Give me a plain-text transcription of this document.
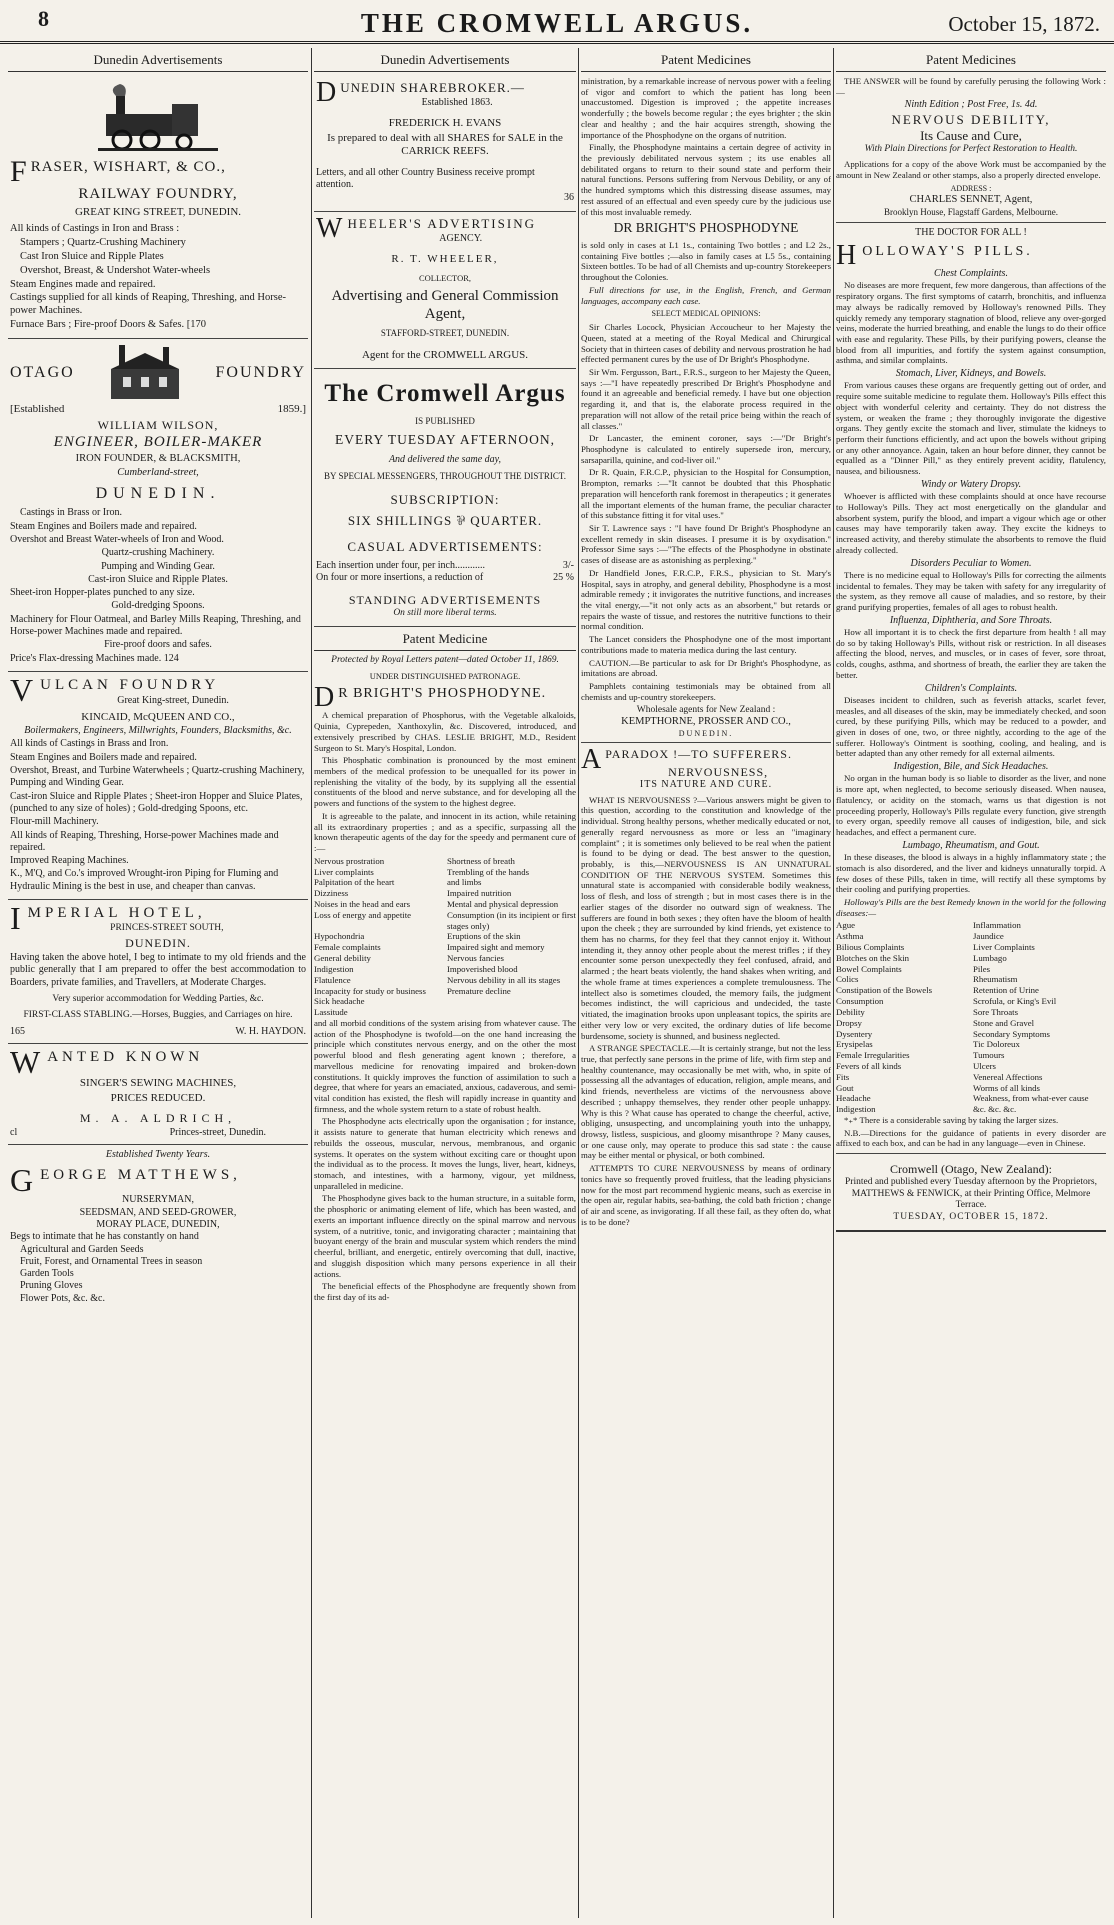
8	THE CROMWELL ARGUS.	October 15, 1872.
Dunedin Advertisements
F RASER, WISHART, & CO.,

RAILWAY FOUNDRY,

GREAT KING STREET, DUNEDIN.

All kinds of Castings in Iron and Brass :

Stampers ; Quartz-Crushing Machinery

Cast Iron Sluice and Ripple Plates

Overshot, Breast, & Undershot Water-wheels

Steam Engines made and repaired.

Castings supplied for all kinds of Reaping, Threshing, and Horse-power Machines.

Furnace Bars ; Fire-proof Doors & Safes. [170

OTAGO	FOUNDRY
[Established	1859.]

WILLIAM WILSON,

ENGINEER, BOILER-MAKER

IRON FOUNDER, & BLACKSMITH,

Cumberland-street,

DUNEDIN.

Castings in Brass or Iron.

Steam Engines and Boilers made and repaired.

Overshot and Breast Water-wheels of Iron and Wood.

Quartz-crushing Machinery.

Pumping and Winding Gear.

Cast-iron Sluice and Ripple Plates.

Sheet-iron Hopper-plates punched to any size.

Gold-dredging Spoons.

Machinery for Flour Oatmeal, and Barley Mills Reaping, Threshing, and Horse-power Machines made and repaired.

Fire-proof doors and safes.

Price's Flax-dressing Machines made. 124

V ULCAN FOUNDRY

Great King-street, Dunedin.

KINCAID, McQUEEN AND CO.,

Boilermakers, Engineers, Millwrights, Founders, Blacksmiths, &c.

All kinds of Castings in Brass and Iron.

Steam Engines and Boilers made and repaired.

Overshot, Breast, and Turbine Waterwheels ; Quartz-crushing Machinery, Pumping and Winding Gear.

Cast-iron Sluice and Ripple Plates ; Sheet-iron Hopper and Sluice Plates, (punched to any size of holes) ; Gold-dredging Spoons, etc.

Flour-mill Machinery.

All kinds of Reaping, Threshing, Horse-power Machines made and repaired.

Improved Reaping Machines.

K., M'Q, and Co.'s improved Wrought-iron Piping for Fluming and Hydraulic Mining is the best in use, and cheaper than canvas.

I MPERIAL HOTEL,

PRINCES-STREET SOUTH,

DUNEDIN.

Having taken the above hotel, I beg to intimate to my old friends and the public generally that I am prepared to offer the best accommodation to Boarders, private families, and Travellers, at Moderate Charges.

Very superior accommodation for Wedding Parties, &c.

FIRST-CLASS STABLING.—Horses, Buggies, and Carriages on hire.

165	W. H. HAYDON.
W ANTED KNOWN

SINGER'S SEWING MACHINES,

PRICES REDUCED.

M. A. ALDRICH,

cl	Princes-street, Dunedin.

Established Twenty Years.

G EORGE MATTHEWS,

NURSERYMAN,

SEEDSMAN, AND SEED-GROWER,

MORAY PLACE, DUNEDIN,

Begs to intimate that he has constantly on hand

Agricultural and Garden Seeds

Fruit, Forest, and Ornamental Trees in season

Garden Tools

Pruning Gloves

Flower Pots, &c. &c.

Dunedin Advertisements
D UNEDIN SHAREBROKER.—

Established 1863.

FREDERICK H. EVANS

Is prepared to deal with all SHARES for SALE in the CARRICK REEFS.

Letters, and all other Country Business receive prompt attention.

36

W HEELER'S ADVERTISING

AGENCY.

R. T. WHEELER,

COLLECTOR,

Advertising and General Commission Agent,

STAFFORD-STREET, DUNEDIN.

Agent for the CROMWELL ARGUS.

The Cromwell Argus

IS PUBLISHED

EVERY TUESDAY AFTERNOON,

And delivered the same day,

BY SPECIAL MESSENGERS, THROUGHOUT THE DISTRICT.

SUBSCRIPTION:

SIX SHILLINGS ⅌ QUARTER.

CASUAL ADVERTISEMENTS:

Each insertion under four, per inch............	3/-
On four or more insertions, a reduction of	25 %

STANDING ADVERTISEMENTS

On still more liberal terms.

Patent Medicine

Protected by Royal Letters patent—dated October 11, 1869.

UNDER DISTINGUISHED PATRONAGE.

D R BRIGHT'S PHOSPHODYNE.

A chemical preparation of Phosphorus, with the Vegetable alkaloids, Quinia, Cyprepeden, Xanthoxylin, &c. Discovered, introduced, and extensively prescribed by CHAS. LESLIE BRIGHT, M.D., Resident Surgeon to St. Mary's Hospital, London.

This Phosphatic combination is pronounced by the most eminent members of the medical profession to be unequalled for its power in replenishing the vitality of the body, by its supplying all the essential constituents of the blood and nerve substance, and for developing all the powers and functions of the system to the highest degree.

It is agreeable to the palate, and innocent in its action, while retaining all its extraordinary properties ; and as a specific, surpassing all the known therapeutic agents of the day for the speedy and permanent cure of :—

Nervous prostration	Shortness of breath
Liver complaints	Trembling of the hands
Palpitation of the heart	and limbs
Dizziness	Impaired nutrition
Noises in the head and ears	Mental and physical depression
Loss of energy and appetite	Consumption (in its incipient or first stages only)
Hypochondria	Eruptions of the skin
Female complaints	Impaired sight and memory
General debility	Nervous fancies
Indigestion	Impoverished blood
Flatulence	Nervous debility in all its stages
Incapacity for study or business	Premature decline
Sick headache
Lassitude

and all morbid conditions of the system arising from whatever cause. The action of the Phosphodyne is twofold—on the one hand increasing the principle which constitutes nervous energy, and on the other the most powerful blood and flesh generating agent known ; therefore, a marvellous medicine for renovating impaired and broken-down constitutions. It quickly improves the function of assimilation to such a degree, that where for years an emaciated, anxious, cadaverous, and semi-vital condition has existed, the flesh will rapidly increase in quantity and firmness, and the whole system return to a state of robust health.

The Phosphodyne acts electrically upon the organisation ; for instance, it assists nature to generate that human electricity which renews and rebuilds the osseous, muscular, nervous, membranous, and organic systems. It operates on the system without exciting care or thought upon the individual as to the process. It moves the lungs, liver, heart, kidneys, stomach, and intestines, with a harmony, vigour, yet mildness, unparalleled in medicine.

The Phosphodyne gives back to the human structure, in a suitable form, the phosphoric or animating element of life, which has been wasted, and exerts an important influence directly on the spinal marrow and nervous system, of a nutritive, tonic, and invigorating character ; maintaining that buoyant energy of the brain and muscular system which renders the mind cheerful, brilliant, and energetic, entirely overcoming that dull, inactive, and sluggish disposition which many persons experience in all their actions.

The beneficial effects of the Phosphodyne are frequently shown from the first day of its ad-

Patent Medicines

ministration, by a remarkable increase of nervous power with a feeling of vigor and comfort to which the patient has long been unaccustomed. Digestion is improved ; the appetite increases wonderfully ; the bowels become regular ; the eyes brighter ; the skin clear and healthy ; and the hair acquires strength, showing the importance of the Phosphodyne on the organs of nutrition.

Finally, the Phosphodyne maintains a certain degree of activity in the previously debilitated nervous system ; its use enables all debilitated organs to return to their sound state and perform their natural functions. Persons suffering from Nervous Debility, or any of the hundred symptoms which this distressing disease assumes, may rest assured of an effectual and even speedy cure by the judicious use of this most invaluable remedy.

DR BRIGHT'S PHOSPHODYNE

is sold only in cases at L1 1s., containing Two bottles ; and L2 2s., containing Five bottles ;—also in family cases at L5 5s., containing Sixteen bottles. To be had of all Chemists and up-country Storekeepers throughout the Colonies.

Full directions for use, in the English, French, and German languages, accompany each case.

SELECT MEDICAL OPINIONS:

Sir Charles Locock, Physician Accoucheur to her Majesty the Queen, stated at a meeting of the Royal Medical and Chirurgical Society that in thirteen cases of debility and nervous prostration he had effected permanent cures by the use of Dr Bright's Phosphodyne.

Sir Wm. Fergusson, Bart., F.R.S., surgeon to her Majesty the Queen, says :—"I have repeatedly prescribed Dr Bright's Phosphodyne and found it an agreeable and beneficial remedy. I have but one objection regarding it, and that is, the elaborate process required in the preparation will not allow of the retail price being within the reach of all classes."

Dr Lancaster, the eminent coroner, says :—"Dr Bright's Phosphodyne is calculated to entirely supersede iron, mercury, sarsaparilla, quinine, and cod-liver oil."

Dr R. Quain, F.R.C.P., physician to the Hospital for Consumption, Brompton, remarks :—"It cannot be doubted that this Phosphatic preparation will henceforth rank foremost in therapeutics ; it generates all the important elements of the human frame, the peculiar character of this substance fitting it for vital uses."

Sir T. Lawrence says : "I have found Dr Bright's Phosphodyne an excellent remedy in skin diseases. I presume it is by oxydisation." Professor Sime says :—"The effects of the Phosphodyne in obstinate cases of disease are as astonishing as perplexing."

Dr Handfield Jones, F.R.C.P., F.R.S., physician to St. Mary's Hospital, says in atrophy, and general debility, Phosphodyne is a most admirable remedy ; it invigorates the nutritive functions, and increases the vital energy,—"it not only acts as an absorbent," but retards or repairs the waste of tissue, and restores the nutritive functions to their normal condition.

The Lancet considers the Phosphodyne one of the most important contributions made to materia medica during the last century.

CAUTION.—Be particular to ask for Dr Bright's Phosphodyne, as imitations are abroad.

Pamphlets containing testimonials may be obtained from all chemists and up-country storekeepers.

Wholesale agents for New Zealand :

KEMPTHORNE, PROSSER AND CO.,

DUNEDIN.

A PARADOX !—TO SUFFERERS.

NERVOUSNESS,

ITS NATURE AND CURE.

WHAT IS NERVOUSNESS ?—Various answers might be given to this question, according to the constitution and knowledge of the individual. Strong healthy persons, whether medically educated or not, generally regard nervousness as more or less an "imaginary complaint" ; it is sometimes only believed to be real when the patient is found to be dying or dead. The best answer to the question, probably, is this,—NERVOUSNESS IS AN UNNATURAL CONDITION OF THE NERVOUS SYSTEM. Sometimes this unnatural state is accompanied with considerable bodily weakness, loss of flesh, and loss of strength ; but in most cases there is in the earlier stages of the disorder no outward sign of weakness. The sufferers are found in both sexes ; they often have the bloom of health upon the cheek ; they are surrounded by kind friends, yet existence to them has no charms, for they feel that they cannot enjoy it. Without intending it, they annoy other people about the merest trifles ; if they encounter some person unexpectedly they feel confused, afraid, and alarmed ; the heart beats violently, the hand shakes when writing, and the whole frame at times experiences a complete tremulousness. The intellect also is sometimes clouded, the memory fails, the judgment becomes indistinct, the will capricious and undecided, the taste vitiated, the imagination brooks upon unpleasant topics, the spirits are either very low or very excited, the ordinary duties of life become burdensome, society is shunned, and business neglected.

A STRANGE SPECTACLE.—It is certainly strange, but not the less true, that perfectly sane persons in the prime of life, with firm step and healthy countenance, may occasionally be met with, who, in spite of possessing all the advantages of education, religion, ample means, and kind friends, nevertheless are victims of the nervousness above described ; unhappy themselves, they render other people unhappy. Why is this ? What cause has operated to change the cheerful, active, obliging, unsuspecting, and uncomplaining youth into the unhappy, drowsy, listless, suspicious, and gloomy misanthrope ? Many causes, or one cause only, may operate to produce this sad state : the cause may be either mental or physical, or both combined.

ATTEMPTS TO CURE NERVOUSNESS by means of ordinary tonics have so frequently proved fruitless, that the leading physicians now for the most part recommend hygienic means, such as exercise in the open air, regular habits, sea-bathing, the cold bath friction ; change of air and scene, as invigorating. If all these fail, as they often do, what is to be done?

Patent Medicines

THE ANSWER will be found by carefully perusing the following Work :—

Ninth Edition ; Post Free, 1s. 4d.

NERVOUS DEBILITY,

Its Cause and Cure,

With Plain Directions for Perfect Restoration to Health.

Applications for a copy of the above Work must be accompanied by the amount in New Zealand or other stamps, also a properly directed envelope.

ADDRESS :

CHARLES SENNET, Agent,

Brooklyn House, Flagstaff Gardens, Melbourne.

THE DOCTOR FOR ALL !

H OLLOWAY'S PILLS.

Chest Complaints.

No diseases are more frequent, few more dangerous, than affections of the respiratory organs. The first symptoms of catarrh, bronchitis, and influenza may always be radically removed by Holloway's renowned Pills. They quickly remedy any temporary stagnation of blood, relieve any over-gorged veins, moderate the hurried breathing, and enable the lungs to do their office with ease and regularity. These Pills, by their purifying powers, cleanse the blood from all impurities, and fortify the system against consumption, asthma, and similar complaints.

Stomach, Liver, Kidneys, and Bowels.

From various causes these organs are frequently getting out of order, and require some suitable medicine to regulate them. Holloway's Pills effect this object with wonderful celerity and certainty. They do not distress the system, or weaken the frame ; they thoroughly invigorate the digestive organs. They gently excite the stomach and liver, stimulate the kidneys to perform their functions efficiently, and act upon the bowels without griping or any other annoyance. Again, taken an hour before dinner, they cannot be equalled as a "Dinner Pill," as they entirely prevent acidity, flatulency, nausea, and biliousness.

Windy or Watery Dropsy.

Whoever is afflicted with these complaints should at once have recourse to Holloway's Pills. They act most energetically on the glandular and absorbent system, purify the blood, and impart a vigour which age or other causes may have temporarily taken away. They excite the kidneys to increased activity, and thereby stimulate the absorbents to remove the fluid already collected.

Disorders Peculiar to Women.

There is no medicine equal to Holloway's Pills for correcting the ailments incidental to females. They may be taken with safety for any irregularity of the system, as they remove all cause of maladies, and so restore, by their grand purifying properties, females of all ages to robust health.

Influenza, Diphtheria, and Sore Throats.

How all important it is to check the first departure from health ! all may do so by taking Holloway's Pills, without risk or restriction. In all diseases affecting the blood, nerves, and muscles, or in cases of fever, sore throat, colds, coughs, asthma, and shortness of breath, the earlier they are taken the better.

Children's Complaints.

Diseases incident to children, such as feverish attacks, scarlet fever, measles, and all diseases of the skin, may be immediately checked, and soon cured, by these purifying Pills, which may be reduced to a powder, and given in doses of one, two, or three nightly, according to the age of the sufferer. Holloway's Ointment is soothing, cooling, and healing, and is better adapted than any other remedy for all external ailments.

Indigestion, Bile, and Sick Headaches.

No organ in the human body is so liable to disorder as the liver, and none is more apt, when neglected, to become seriously diseased. When nausea, flatulency, or acidity on the stomach, warns us that digestion is not proceeding properly, Holloway's Pills regulate every function, give strength to every organ, speedily remove all causes of indigestion, bile, and sick headaches, and effect a permanent cure.

Lumbago, Rheumatism, and Gout.

In these diseases, the blood is always in a highly inflammatory state ; the stomach is also disordered, and the liver and kidneys unnaturally torpid. A few doses of these Pills, taken in time, will rectify all these symptoms by their cooling and purifying properties.

Holloway's Pills are the best Remedy known in the world for the following diseases:—

Ague	Inflammation
Asthma	Jaundice
Bilious Complaints	Liver Complaints
Blotches on the Skin	Lumbago
Bowel Complaints	Piles
Colics	Rheumatism
Constipation of the Bowels	Retention of Urine
Consumption	Scrofula, or King's Evil
Debility	Sore Throats
Dropsy	Stone and Gravel
Dysentery	Secondary Symptoms
Erysipelas	Tic Doloreux
Female Irregularities	Tumours
Fevers of all kinds	Ulcers
Fits	Venereal Affections
Gout	Worms of all kinds
Headache	Weakness, from what-ever cause
Indigestion	&c. &c. &c.

*₊* There is a considerable saving by taking the larger sizes.

N.B.—Directions for the guidance of patients in every disorder are affixed to each box, and can be had in any language—even in Chinese.

Cromwell (Otago, New Zealand):

Printed and published every Tuesday afternoon by the Proprietors, MATTHEWS & FENWICK, at their Printing Office, Melmore Terrace.

TUESDAY, OCTOBER 15, 1872.
